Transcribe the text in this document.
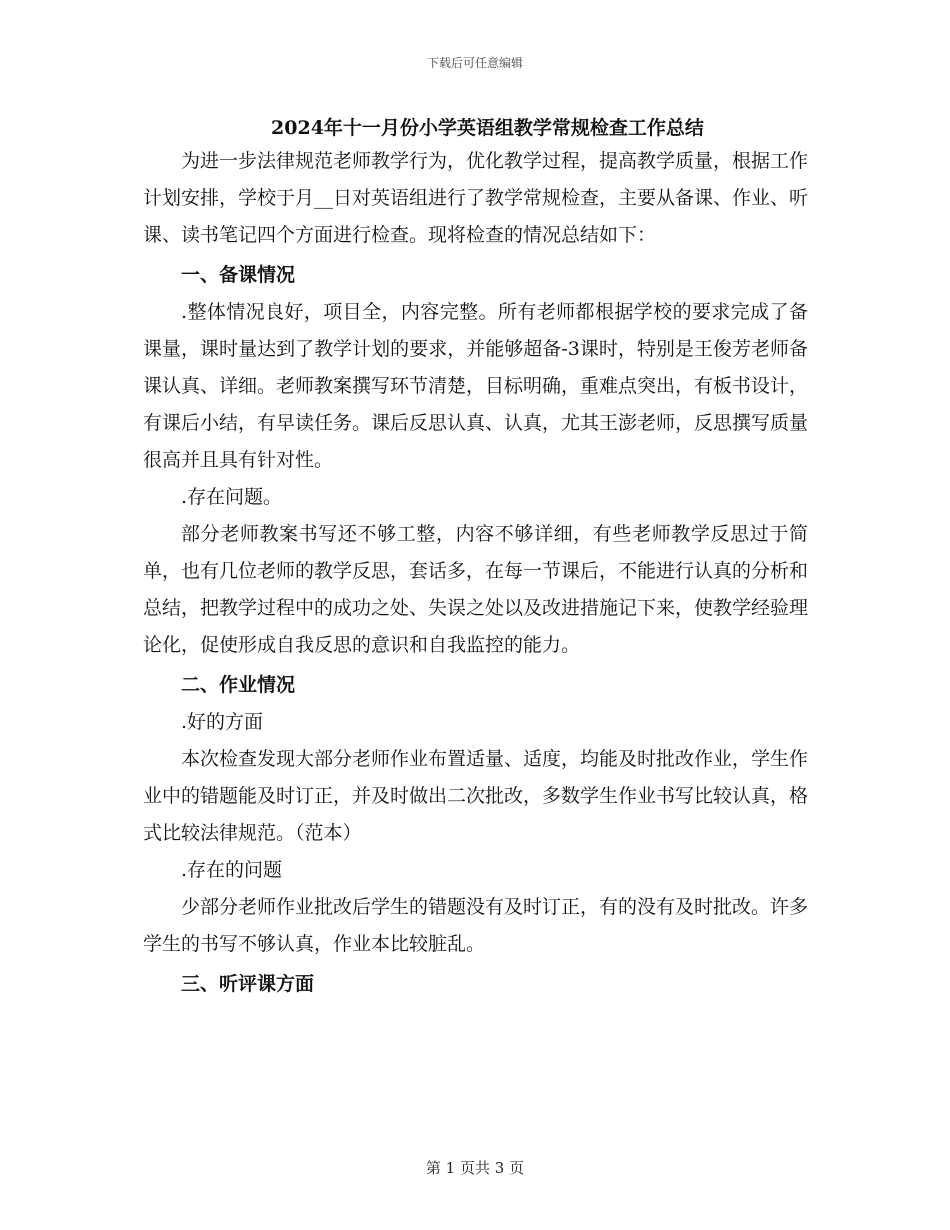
下载后可任意编辑
2024年十一月份小学英语组教学常规检查工作总结

为进一步法律规范老师教学行为，优化教学过程，提高教学质量，根据工作计划安排，学校于月__日对英语组进行了教学常规检查，主要从备课、作业、听课、读书笔记四个方面进行检查。现将检查的情况总结如下：

一、备课情况

.整体情况良好，项目全，内容完整。所有老师都根据学校的要求完成了备课量，课时量达到了教学计划的要求，并能够超备-3课时，特别是王俊芳老师备课认真、详细。老师教案撰写环节清楚，目标明确，重难点突出，有板书设计，有课后小结，有早读任务。课后反思认真、认真，尤其王澎老师，反思撰写质量很高并且具有针对性。

.存在问题。

部分老师教案书写还不够工整，内容不够详细，有些老师教学反思过于简单，也有几位老师的教学反思，套话多，在每一节课后，不能进行认真的分析和总结，把教学过程中的成功之处、失误之处以及改进措施记下来，使教学经验理论化，促使形成自我反思的意识和自我监控的能力。

二、作业情况

.好的方面

本次检查发现大部分老师作业布置适量、适度，均能及时批改作业，学生作业中的错题能及时订正，并及时做出二次批改，多数学生作业书写比较认真，格式比较法律规范。（范本）

.存在的问题

少部分老师作业批改后学生的错题没有及时订正，有的没有及时批改。许多学生的书写不够认真，作业本比较脏乱。

三、听评课方面

第 1 页共 3 页
